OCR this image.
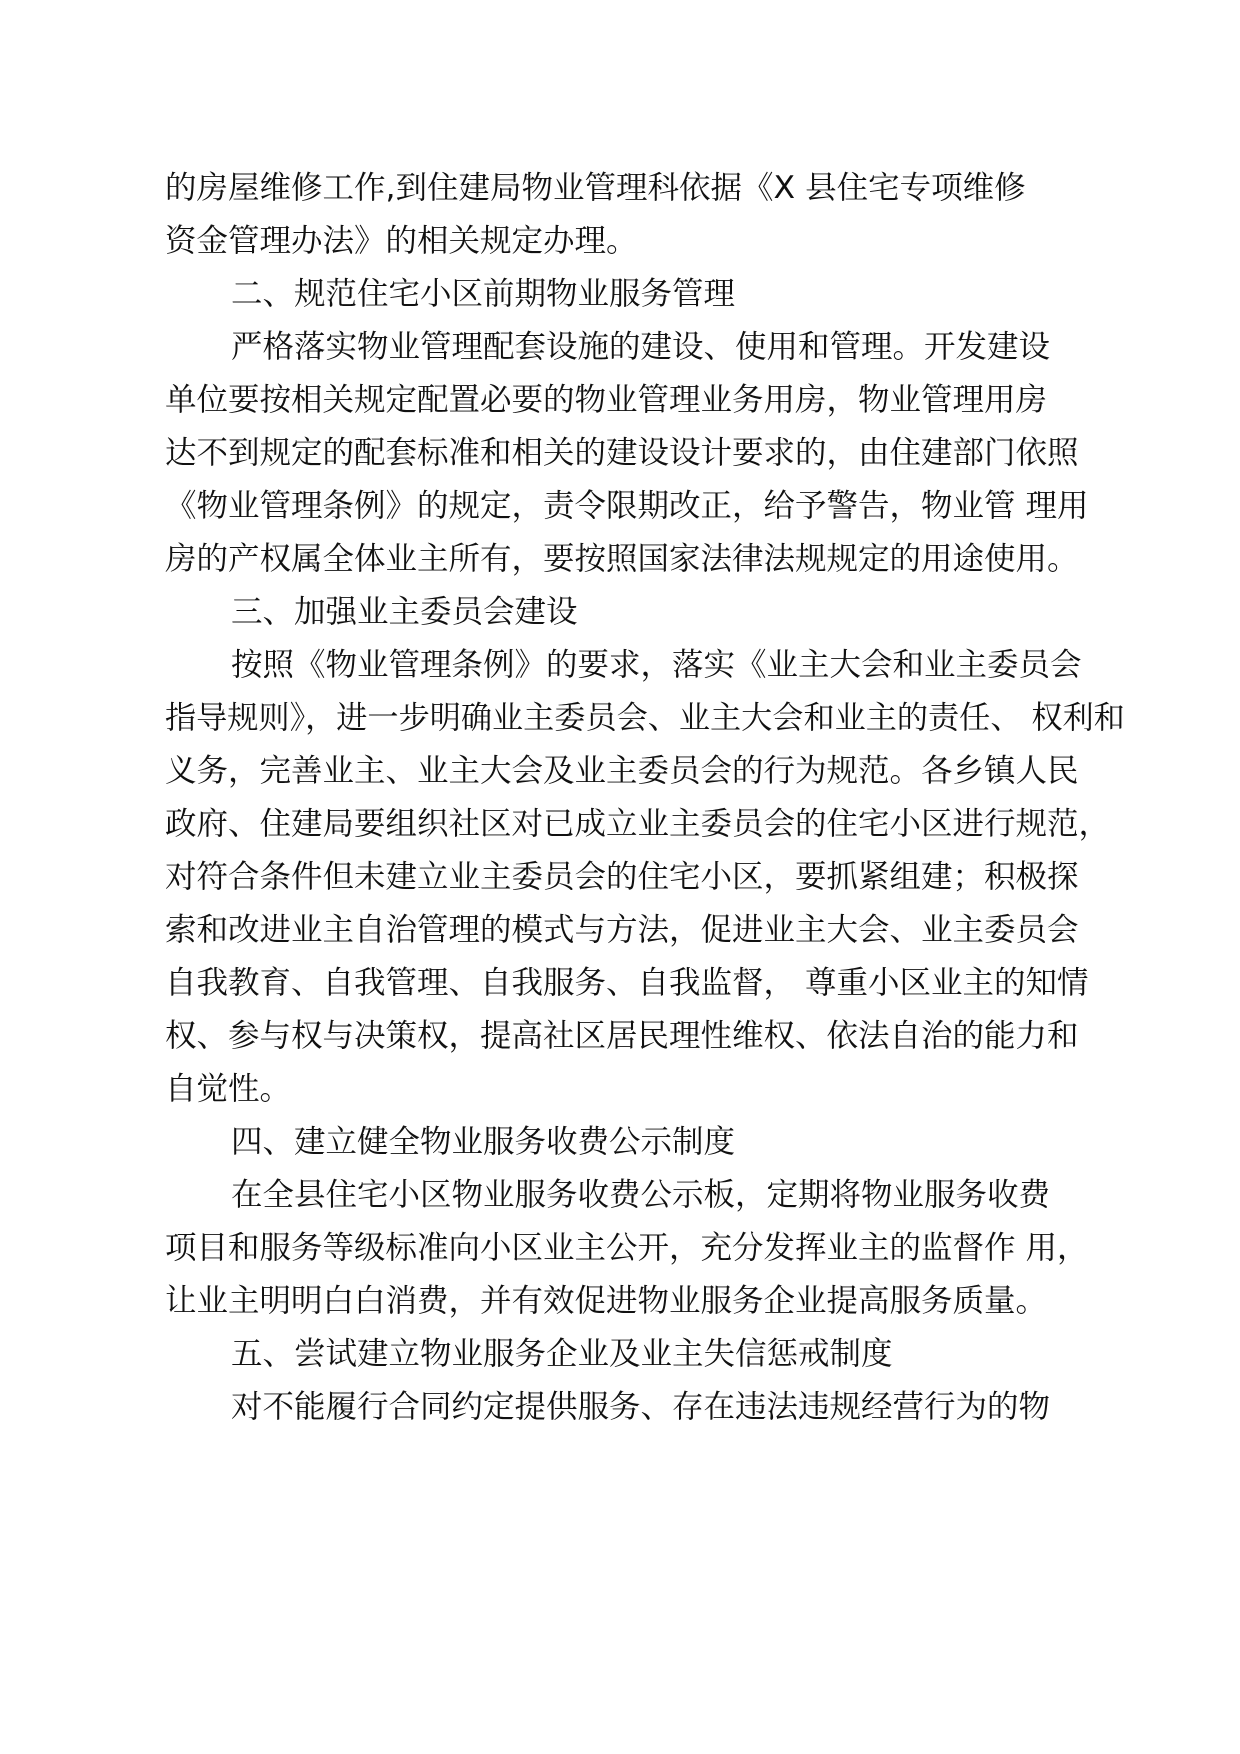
的房屋维修工作,到住建局物业管理科依据《X 县住宅专项维修
资金管理办法》的相关规定办理。
二、规范住宅小区前期物业服务管理
严格落实物业管理配套设施的建设、使用和管理。开发建设
单位要按相关规定配置必要的物业管理业务用房，物业管理用房
达不到规定的配套标准和相关的建设设计要求的，由住建部门依照
《物业管理条例》的规定，责令限期改正，给予警告，物业管 理用
房的产权属全体业主所有，要按照国家法律法规规定的用途使用。
三、加强业主委员会建设
按照《物业管理条例》的要求，落实《业主大会和业主委员会
指导规则》，进一步明确业主委员会、业主大会和业主的责任、 权利和
义务，完善业主、业主大会及业主委员会的行为规范。各乡镇人民
政府、住建局要组织社区对已成立业主委员会的住宅小区进行规范，
对符合条件但未建立业主委员会的住宅小区，要抓紧组建；积极探
索和改进业主自治管理的模式与方法，促进业主大会、业主委员会
自我教育、自我管理、自我服务、自我监督， 尊重小区业主的知情
权、参与权与决策权，提高社区居民理性维权、依法自治的能力和
自觉性。
四、建立健全物业服务收费公示制度
在全县住宅小区物业服务收费公示板，定期将物业服务收费
项目和服务等级标准向小区业主公开，充分发挥业主的监督作 用，
让业主明明白白消费，并有效促进物业服务企业提高服务质量。
五、尝试建立物业服务企业及业主失信惩戒制度
对不能履行合同约定提供服务、存在违法违规经营行为的物
